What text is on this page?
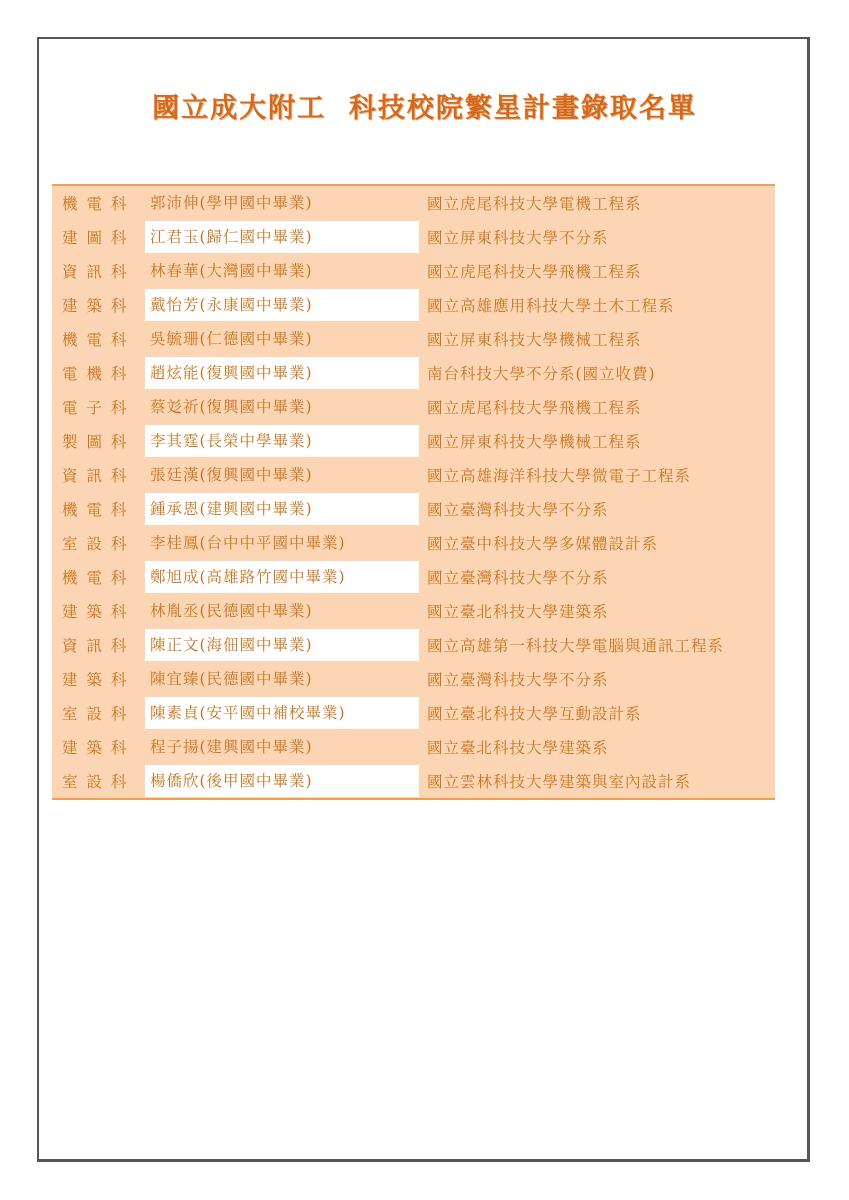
國立成大附工  科技校院繁星計畫錄取名單
機電科 郭沛伸(學甲國中畢業)	國立虎尾科技大學電機工程系
建圖科 江君玉(歸仁國中畢業)	國立屏東科技大學不分系
資訊科 林春華(大灣國中畢業)	國立虎尾科技大學飛機工程系
建築科 戴怡芳(永康國中畢業)	國立高雄應用科技大學土木工程系
機電科 吳毓珊(仁德國中畢業)	國立屏東科技大學機械工程系
電機科 趙炫能(復興國中畢業)	南台科技大學不分系(國立收費)
電子科 蔡彣祈(復興國中畢業)	國立虎尾科技大學飛機工程系
製圖科 李其霆(長榮中學畢業)	國立屏東科技大學機械工程系
資訊科 張廷漢(復興國中畢業)	國立高雄海洋科技大學微電子工程系
機電科 鍾承恩(建興國中畢業)	國立臺灣科技大學不分系
室設科 李桂鳳(台中中平國中畢業)	國立臺中科技大學多媒體設計系
機電科 鄭旭成(高雄路竹國中畢業)	國立臺灣科技大學不分系
建築科 林胤丞(民德國中畢業)	國立臺北科技大學建築系
資訊科 陳正文(海佃國中畢業)	國立高雄第一科技大學電腦與通訊工程系
建築科 陳宜臻(民德國中畢業)	國立臺灣科技大學不分系
室設科 陳素貞(安平國中補校畢業)	國立臺北科技大學互動設計系
建築科 程子揚(建興國中畢業)	國立臺北科技大學建築系
室設科 楊僑欣(後甲國中畢業)	國立雲林科技大學建築與室內設計系
